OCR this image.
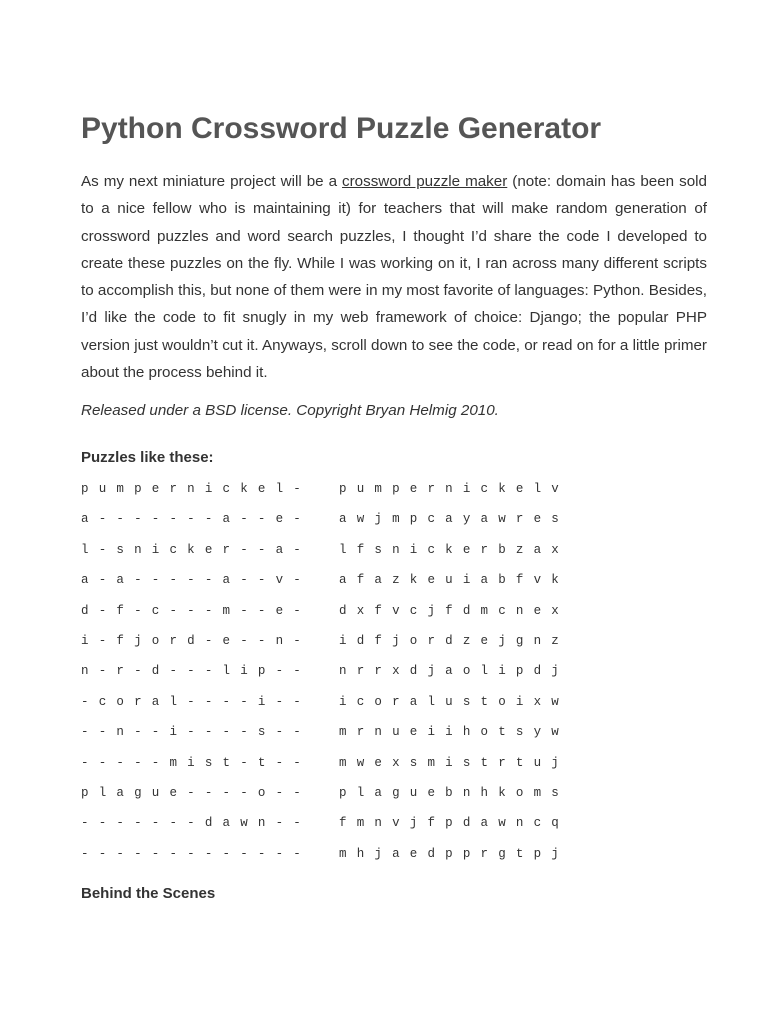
Python Crossword Puzzle Generator

As my next miniature project will be a crossword puzzle maker (note: domain has been sold to a nice fellow who is maintaining it) for teachers that will make random generation of crossword puzzles and word search puzzles, I thought I’d share the code I developed to create these puzzles on the fly. While I was working on it, I ran across many different scripts to accomplish this, but none of them were in my most favorite of languages: Python. Besides, I’d like the code to fit snugly in my web framework of choice: Django; the popular PHP version just wouldn’t cut it. Anyways, scroll down to see the code, or read on for a little primer about the process behind it.

Released under a BSD license. Copyright Bryan Helmig 2010.

Puzzles like these:
p u m p e r n i c k e l -
a - - - - - - - a - - e -
l - s n i c k e r - - a -
a - a - - - - - a - - v -
d - f - c - - - m - - e -
i - f j o r d - e - - n -
n - r - d - - - l i p - -
- c o r a l - - - - i - -
- - n - - i - - - - s - -
- - - - - m i s t - t - -
p l a g u e - - - - o - -
- - - - - - - d a w n - -
- - - - - - - - - - - - -
p u m p e r n i c k e l v
a w j m p c a y a w r e s
l f s n i c k e r b z a x
a f a z k e u i a b f v k
d x f v c j f d m c n e x
i d f j o r d z e j g n z
n r r x d j a o l i p d j
i c o r a l u s t o i x w
m r n u e i i h o t s y w
m w e x s m i s t r t u j
p l a g u e b n h k o m s
f m n v j f p d a w n c q
m h j a e d p p r g t p j
Behind the Scenes
